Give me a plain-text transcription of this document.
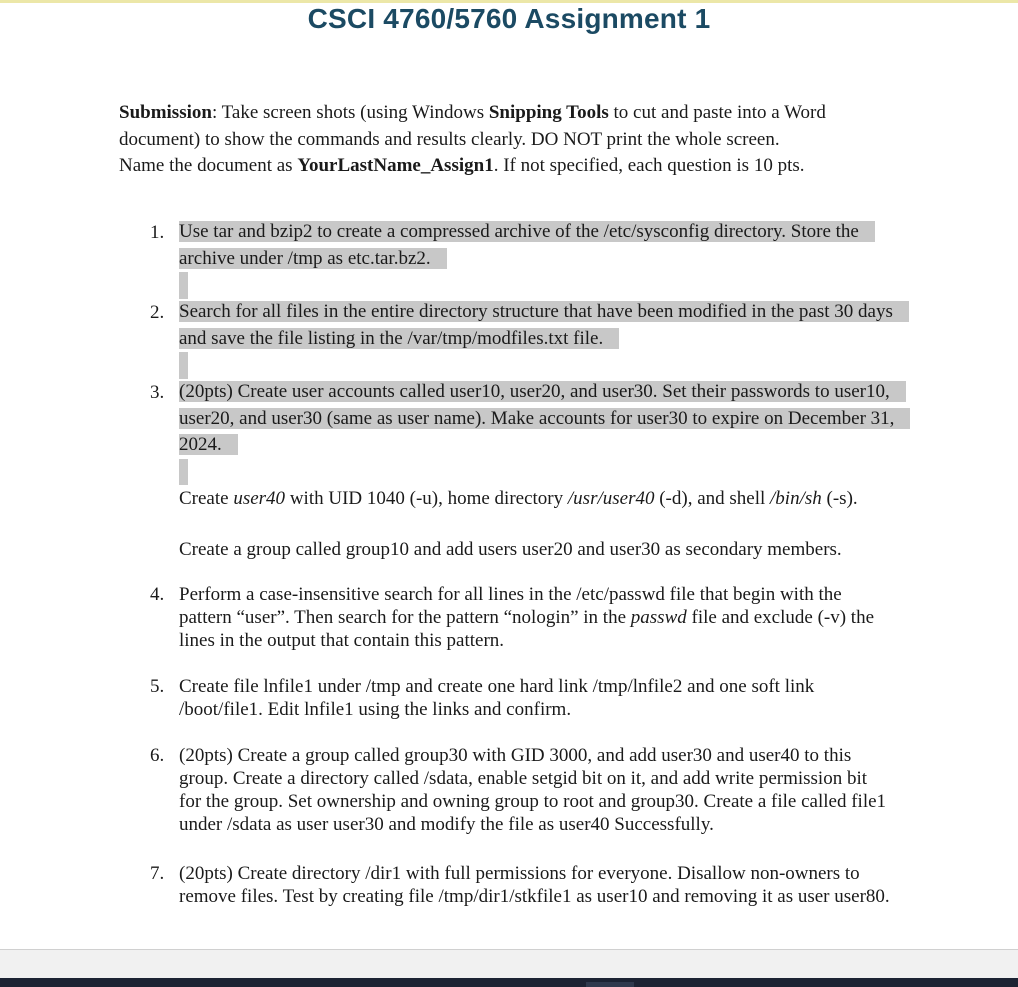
CSCI 4760/5760 Assignment 1

Submission: Take screen shots (using Windows Snipping Tools to cut and paste into a Word document) to show the commands and results clearly. DO NOT print the whole screen.
Name the document as YourLastName_Assign1. If not specified, each question is 10 pts.

1. Use tar and bzip2 to create a compressed archive of the /etc/sysconfig directory. Store the archive under /tmp as etc.tar.bz2.

2. Search for all files in the entire directory structure that have been modified in the past 30 days and save the file listing in the /var/tmp/modfiles.txt file.

3. (20pts) Create user accounts called user10, user20, and user30. Set their passwords to user10, user20, and user30 (same as user name). Make accounts for user30 to expire on December 31, 2024.

Create user40 with UID 1040 (-u), home directory /usr/user40 (-d), and shell /bin/sh (-s).

Create a group called group10 and add users user20 and user30 as secondary members.

4. Perform a case-insensitive search for all lines in the /etc/passwd file that begin with the pattern “user”. Then search for the pattern “nologin” in the passwd file and exclude (-v) the lines in the output that contain this pattern.

5. Create file lnfile1 under /tmp and create one hard link /tmp/lnfile2 and one soft link /boot/file1. Edit lnfile1 using the links and confirm.

6. (20pts) Create a group called group30 with GID 3000, and add user30 and user40 to this group. Create a directory called /sdata, enable setgid bit on it, and add write permission bit for the group. Set ownership and owning group to root and group30. Create a file called file1 under /sdata as user user30 and modify the file as user40 Successfully.

7. (20pts) Create directory /dir1 with full permissions for everyone. Disallow non-owners to remove files. Test by creating file /tmp/dir1/stkfile1 as user10 and removing it as user user80.
